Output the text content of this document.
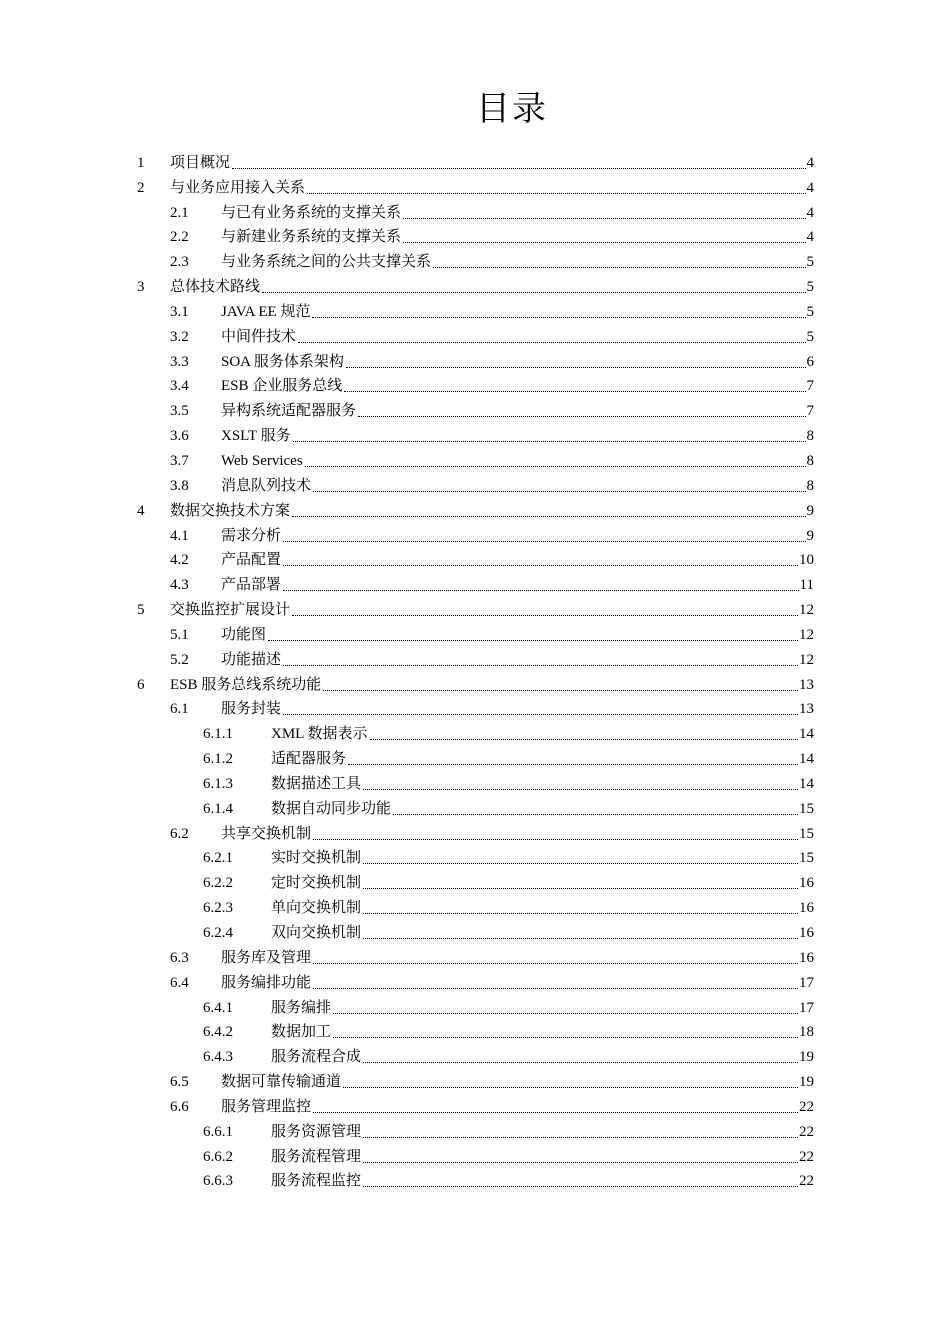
目录
1 项目概况	4
2 与业务应用接入关系	4
2.1 与已有业务系统的支撑关系	4
2.2 与新建业务系统的支撑关系	4
2.3 与业务系统之间的公共支撑关系	5
3 总体技术路线	5
3.1 JAVA EE 规范	5
3.2 中间件技术	5
3.3 SOA 服务体系架构	6
3.4 ESB 企业服务总线	7
3.5 异构系统适配器服务	7
3.6 XSLT 服务	8
3.7 Web Services	8
3.8 消息队列技术	8
4 数据交换技术方案	9
4.1 需求分析	9
4.2 产品配置	10
4.3 产品部署	11
5 交换监控扩展设计	12
5.1 功能图	12
5.2 功能描述	12
6 ESB 服务总线系统功能	13
6.1 服务封装	13
6.1.1	XML 数据表示	14
6.1.2	适配器服务	14
6.1.3	数据描述工具	14
6.1.4	数据自动同步功能	15
6.2 共享交换机制	15
6.2.1	实时交换机制	15
6.2.2	定时交换机制	16
6.2.3	单向交换机制	16
6.2.4	双向交换机制	16
6.3 服务库及管理	16
6.4 服务编排功能	17
6.4.1	服务编排	17
6.4.2	数据加工	18
6.4.3	服务流程合成	19
6.5 数据可靠传输通道	19
6.6 服务管理监控	22
6.6.1	服务资源管理	22
6.6.2	服务流程管理	22
6.6.3	服务流程监控	22
